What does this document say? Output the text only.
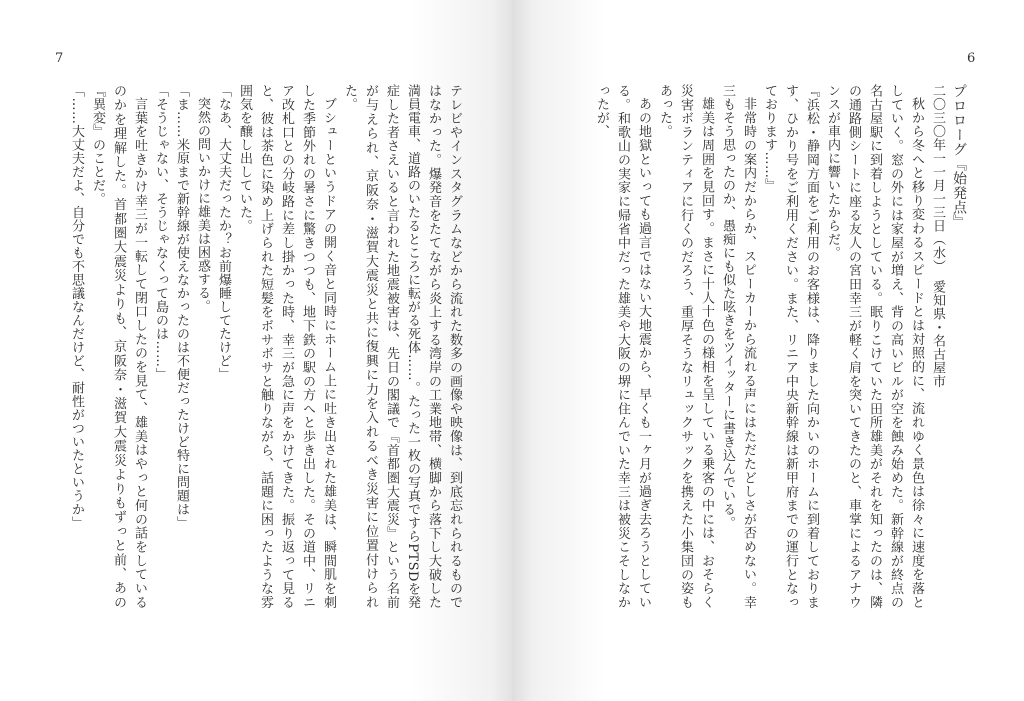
7

テレビやインスタグラムなどから流れた数多の画像や映像は、到底忘れられるものではなかった。爆発音をたてながら炎上する湾岸の工業地帯、横脚から落下し大破した満員電車、道路のいたるところに転がる死体……。たった一枚の写真ですらPTSDを発症した者さえいると言われた地震被害は、先日の閣議で『首都圏大震災』という名前が与えられ、京阪奈・滋賀大震災と共に復興に力を入れるべき災害に位置付けられた。

ブシューというドアの開く音と同時にホーム上に吐き出された雄美は、瞬間肌を刺した季節外れの暑さに驚きつつも、地下鉄の駅の方へと歩き出した。その道中、リニア改札口との分岐路に差し掛かった時、幸三が急に声をかけてきた。振り返って見ると、彼は茶色に染め上げられた短髪をボサボサと触りながら、話題に困ったような雰囲気を醸し出していた。

「なあ、大丈夫だったか？お前爆睡してたけど」

突然の問いかけに雄美は困惑する。

「ま……米原まで新幹線が使えなかったのは不便だったけど特に問題は」

「そうじゃない、そうじゃなくって島のは……」

言葉を吐きかけ幸三が一転して閉口したのを見て、雄美はやっと何の話をしているのかを理解した。首都圏大震災よりも、京阪奈・滋賀大震災よりもずっと前、あの『異変』のことだ。

「……大丈夫だよ、自分でも不思議なんだけど、耐性がついたというか」

6

プロローグ『始発点』

二〇三〇年一一月一三日（水）　愛知県・名古屋市

秋から冬へと移り変わるスピードとは対照的に、流れゆく景色は徐々に速度を落としていく。窓の外には家屋が増え、背の高いビルが空を蝕み始めた。新幹線が終点の名古屋駅に到着しようとしている。眠りこけていた田所雄美がそれを知ったのは、隣の通路側シートに座る友人の宮田幸三が軽く肩を突いてきたのと、車掌によるアナウンスが車内に響いたからだ。

『浜松・静岡方面をご利用のお客様は、降りました向かいのホームに到着しております、ひかり号をご利用ください。また、リニア中央新幹線は新甲府までの運行となっております……』

非常時の案内だからか、スピーカーから流れる声にはただたどしさが否めない。幸三もそう思ったのか、愚痴にも似た呟きをツイッターに書き込んでいる。

雄美は周囲を見回す。まさに十人十色の様相を呈している乗客の中には、おそらく災害ボランティアに行くのだろう、重厚そうなリュックサックを携えた小集団の姿もあった。

あの地獄といっても過言ではない大地震から、早くも一ヶ月が過ぎ去ろうとしている。和歌山の実家に帰省中だった雄美や大阪の堺に住んでいた幸三は被災こそしなかったが、
